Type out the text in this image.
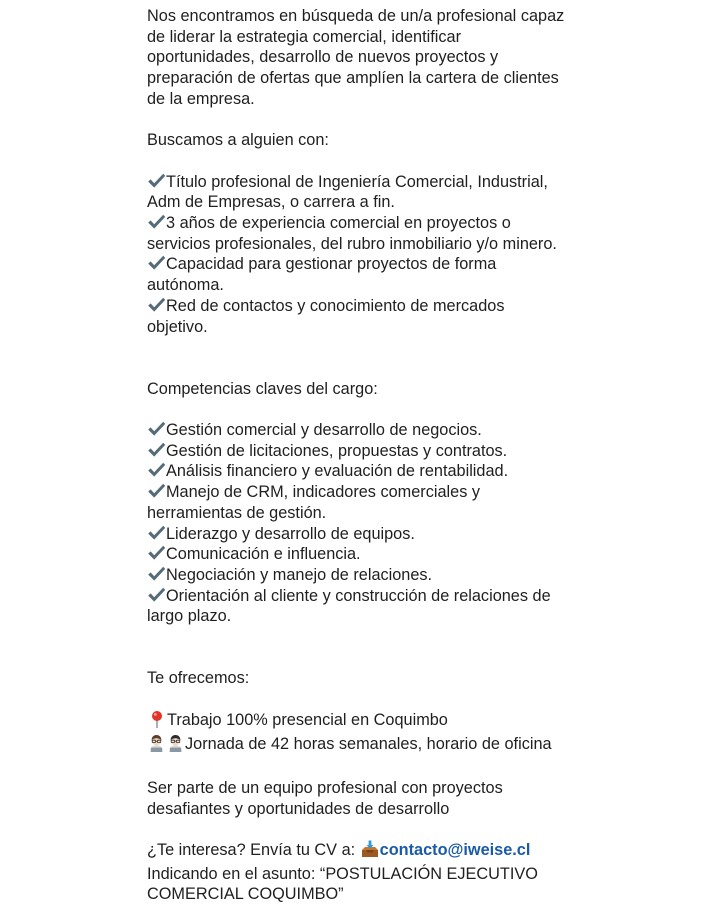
Nos encontramos en búsqueda de un/a profesional capaz
de liderar la estrategia comercial, identificar
oportunidades, desarrollo de nuevos proyectos y
preparación de ofertas que amplíen la cartera de clientes
de la empresa.
Buscamos a alguien con:
Título profesional de Ingeniería Comercial, Industrial,
Adm de Empresas, o carrera a fin.
3 años de experiencia comercial en proyectos o
servicios profesionales, del rubro inmobiliario y/o minero.
Capacidad para gestionar proyectos de forma
autónoma.
Red de contactos y conocimiento de mercados
objetivo.
Competencias claves del cargo:
Gestión comercial y desarrollo de negocios.
Gestión de licitaciones, propuestas y contratos.
Análisis financiero y evaluación de rentabilidad.
Manejo de CRM, indicadores comerciales y
herramientas de gestión.
Liderazgo y desarrollo de equipos.
Comunicación e influencia.
Negociación y manejo de relaciones.
Orientación al cliente y construcción de relaciones de
largo plazo.
Te ofrecemos:
Trabajo 100% presencial en Coquimbo
Jornada de 42 horas semanales, horario de oficina
Ser parte de un equipo profesional con proyectos
desafiantes y oportunidades de desarrollo
¿Te interesa? Envía tu CV a: contacto@iweise.cl
Indicando en el asunto: “POSTULACIÓN EJECUTIVO
COMERCIAL COQUIMBO”
